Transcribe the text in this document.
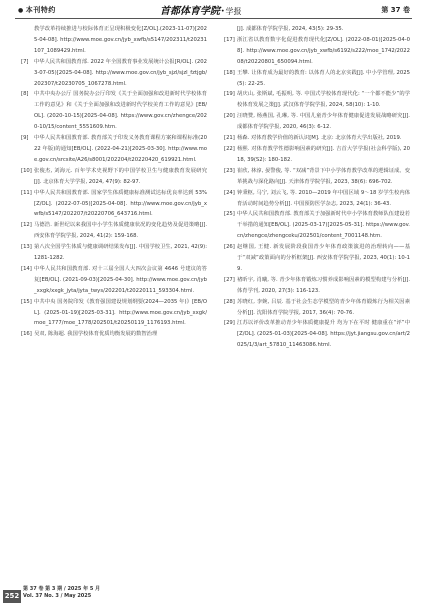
● 本刊特约	首都体育学院·学报	第 37 卷
教学改革持续推进与校际体育正呈现积极变化[Z/OL].(2023-11-07)[2025-04-08]. http://www.moe.gov.cn/jyb_xwfb/s5147/202311/t20231107_1089429.html.
[7] 中华人民共和国教育部. 2022 年全国教育事业发展统计公报[R/OL]. (2023-07-05)[2025-04-08]. http://www.moe.gov.cn/jyb_sjzl/sjzl_fztjgb/202307/t20230705_1067278.html.
[8] 中共中央办公厅 国务院办公厅印发《关于全面加强和改进新时代学校体育工作的意见》和《关于全面加强和改进新时代学校美育工作的意见》[EB/OL]. (2020-10-15)[2025-04-08]. https://www.gov.cn/zhengce/2020-10/15/content_5551609.htm.
[9] 中华人民共和国教育部. 教育部关于印发义务教育课程方案和课程标准(2022 年版)的通知[EB/OL]. (2022-04-21)[2025-03-30]. http://www.moe.gov.cn/srcsite/A26/s8001/202204/t20220420_619921.html.
[10] 张俊杰, 刘海元. 百年学术史视野下的中国学校卫生与健康教育发展研究[J]. 北京体育大学学报, 2024, 47(9): 82-97.
[11] 中华人民共和国教育部. 国家学生体质健康标准测试达标优良率达到 53% [Z/OL]. (2022-07-05)[2025-04-08]. http://www.moe.gov.cn/jyb_xwfb/s5147/202207/t20220706_643716.html.
[12] 马德浩. 新世纪以来我国中小学生体质健康状况的变化趋势及促进策略[J]. 西安体育学院学报, 2024, 41(2): 159-168.
[13] 第八次全国学生体质与健康调研结果发布[J]. 中国学校卫生, 2021, 42(9): 1281-1282.
[14] 中华人民共和国教育部. 对十三届全国人大四次会议第 4646 号建议的答复[EB/OL]. (2021-09-03)[2025-04-30]. http://www.moe.gov.cn/jyb_xxgk/xxgk_jyta/jyta_twys/202201/t20220111_593304.html.
[15] 中共中央 国务院印发《教育强国建设规划纲要(2024—2035 年)》[EB/OL]. (2025-01-19)[2025-03-31]. http://www.moe.gov.cn/jyb_xxgk/moe_1777/moe_1778/202501/t20250119_1176193.html.
[16] 吴双, 陈海超. 我国学校体育优质均衡发展的数智治理
[J]. 成都体育学院学报, 2024, 43(5): 29-35.
[17] 浙江省以教育数字化促进教育现代化[Z/OL]. (2022-08-01)[2025-04-08]. http://www.moe.gov.cn/jyb_xwfb/s6192/s222/moe_1742/202208/t20220801_650094.html.
[18] 王攀. 让体育成为最好的教育: 以体育人的北京实践[J]. 中小学管理, 2025(5): 22-25.
[19] 胡庆山, 张斯斌, 毛振明, 等. 中国式学校体育现代化: “一个都不能少”的学校体育发展之策[J]. 武汉体育学院学报, 2024, 58(10): 1-10.
[20] 汪晓赞, 杨燕国, 孔琳, 等. 中国儿童青少年体育健康促进发展战略研究[J]. 成都体育学院学报, 2020, 46(3): 6-12.
[21] 杨森. 对体育教学价值的新认识[M]. 北京: 北京体育大学出版社, 2019.
[22] 杨熙. 对体育教学性德影响因素的研究[J]. 吉首大学学报(社会科学版), 2018, 39(S2): 180-182.
[23] 崔欣, 林淳, 晏警俊, 等. “双减”背景下中小学体育教学改革的逻辑证成、变革挑战与深化路向[J]. 天津体育学院学报, 2023, 38(6): 696-702.
[24] 钟秉枢, 马宁, 刘云飞, 等. 2010—2019 年中国区域 9～18 岁学生校内体育活动时间趋势分析[J]. 中国预防医学杂志, 2023, 24(1): 36-43.
[25] 中华人民共和国教育部. 教育部关于加强新时代中小学体育教师队伍建设若干举措的通知[EB/OL]. (2025-03-17)[2025-05-31]. https://www.gov.cn/zhengce/zhengceku/202501/content_7001148.htm.
[26] 赵继国, 王健. 新发展阶段我国青少年体育政策演进的治理转向——基于“双减”政策面向的分析框架[J]. 西安体育学院学报, 2023, 40(1): 10-19.
[27] 褚昕宇, 肖曦, 等. 青少年体育锻炼习惯养成影响因素的模型构建与分析[J]. 体育学刊, 2020, 27(3): 116-123.
[28] 苏晓红, 李婉, 吕辰. 基于社会生态学模型的青少年体育锻炼行为相关因素分析[J]. 沈阳体育学院学报, 2017, 36(4): 70-76.
[29] 江苏以评价改革推动青少年体质健康提升 均为下在平时 健康重在“评”中[Z/OL]. (2025-01-03)[2025-04-08]. https://jyt.jiangsu.gov.cn/art/2025/1/3/art_57810_11463086.html.
252
第 37 卷 第 3 期 / 2025 年 5 月
Vol. 37 No. 3 / May 2025
